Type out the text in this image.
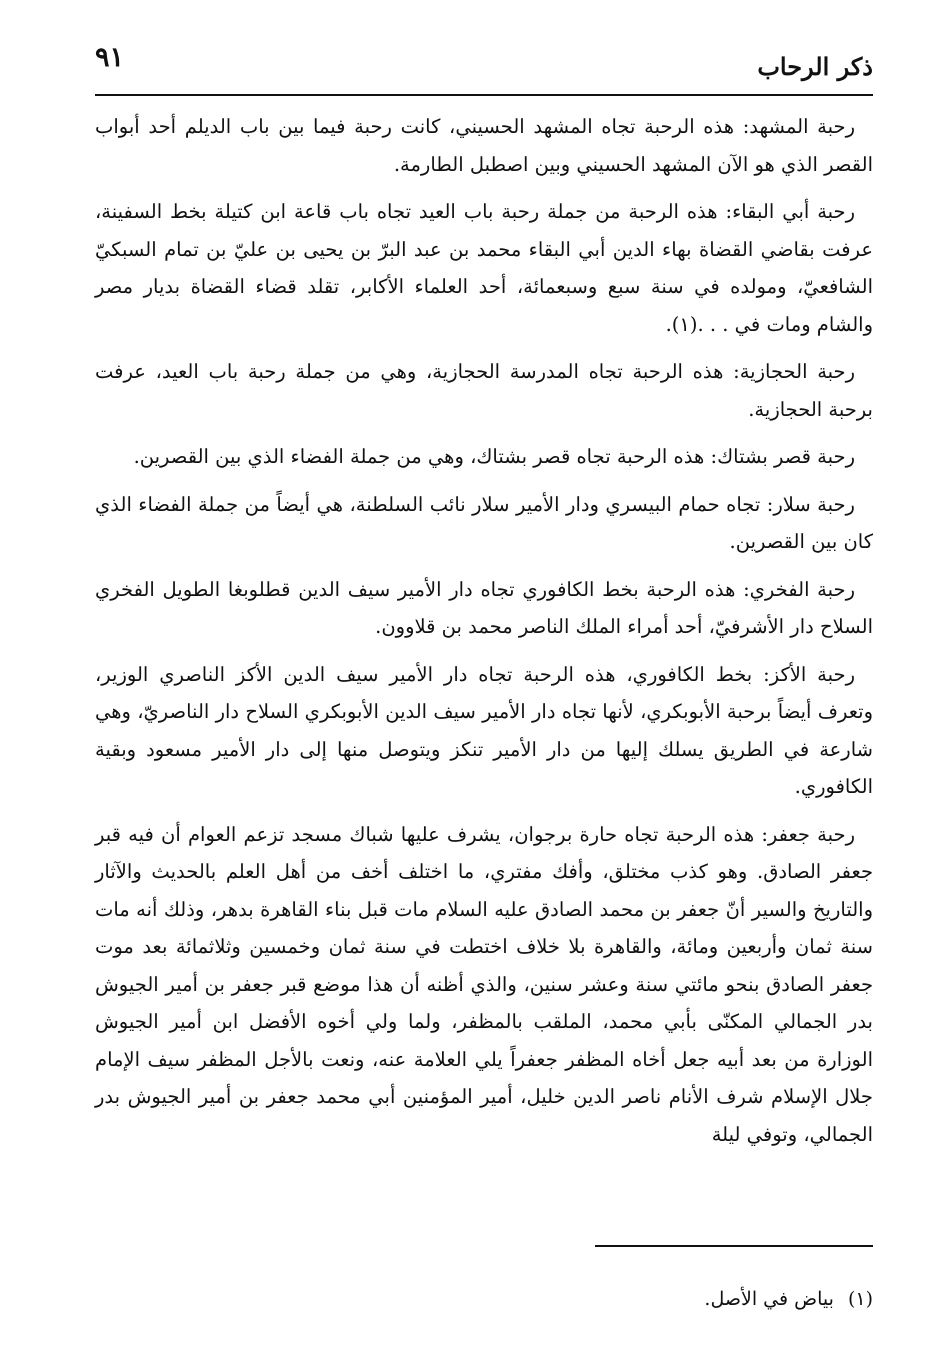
ذكر الرحاب
٩١

رحبة المشهد: هذه الرحبة تجاه المشهد الحسيني، كانت رحبة فيما بين باب الديلم أحد أبواب القصر الذي هو الآن المشهد الحسيني وبين اصطبل الطارمة.

رحبة أبي البقاء: هذه الرحبة من جملة رحبة باب العيد تجاه باب قاعة ابن كتيلة بخط السفينة، عرفت بقاضي القضاة بهاء الدين أبي البقاء محمد بن عبد البرّ بن يحيى بن عليّ بن تمام السبكيّ الشافعيّ، ومولده في سنة سبع وسبعمائة، أحد العلماء الأكابر، تقلد قضاء القضاة بديار مصر والشام ومات في . . .(١).

رحبة الحجازية: هذه الرحبة تجاه المدرسة الحجازية، وهي من جملة رحبة باب العيد، عرفت برحبة الحجازية.

رحبة قصر بشتاك: هذه الرحبة تجاه قصر بشتاك، وهي من جملة الفضاء الذي بين القصرين.

رحبة سلار: تجاه حمام البيسري ودار الأمير سلار نائب السلطنة، هي أيضاً من جملة الفضاء الذي كان بين القصرين.

رحبة الفخري: هذه الرحبة بخط الكافوري تجاه دار الأمير سيف الدين قطلوبغا الطويل الفخري السلاح دار الأشرفيّ، أحد أمراء الملك الناصر محمد بن قلاوون.

رحبة الأكز: بخط الكافوري، هذه الرحبة تجاه دار الأمير سيف الدين الأكز الناصري الوزير، وتعرف أيضاً برحبة الأبوبكري، لأنها تجاه دار الأمير سيف الدين الأبوبكري السلاح دار الناصريّ، وهي شارعة في الطريق يسلك إليها من دار الأمير تنكز ويتوصل منها إلى دار الأمير مسعود وبقية الكافوري.

رحبة جعفر: هذه الرحبة تجاه حارة برجوان، يشرف عليها شباك مسجد تزعم العوام أن فيه قبر جعفر الصادق. وهو كذب مختلق، وأفك مفتري، ما اختلف أخف من أهل العلم بالحديث والآثار والتاريخ والسير أنّ جعفر بن محمد الصادق عليه السلام مات قبل بناء القاهرة بدهر، وذلك أنه مات سنة ثمان وأربعين ومائة، والقاهرة بلا خلاف اختطت في سنة ثمان وخمسين وثلاثمائة بعد موت جعفر الصادق بنحو مائتي سنة وعشر سنين، والذي أظنه أن هذا موضع قبر جعفر بن أمير الجيوش بدر الجمالي المكنّى بأبي محمد، الملقب بالمظفر، ولما ولي أخوه الأفضل ابن أمير الجيوش الوزارة من بعد أبيه جعل أخاه المظفر جعفراً يلي العلامة عنه، ونعت بالأجل المظفر سيف الإمام جلال الإسلام شرف الأنام ناصر الدين خليل، أمير المؤمنين أبي محمد جعفر بن أمير الجيوش بدر الجمالي، وتوفي ليلة

(١) بياض في الأصل.
